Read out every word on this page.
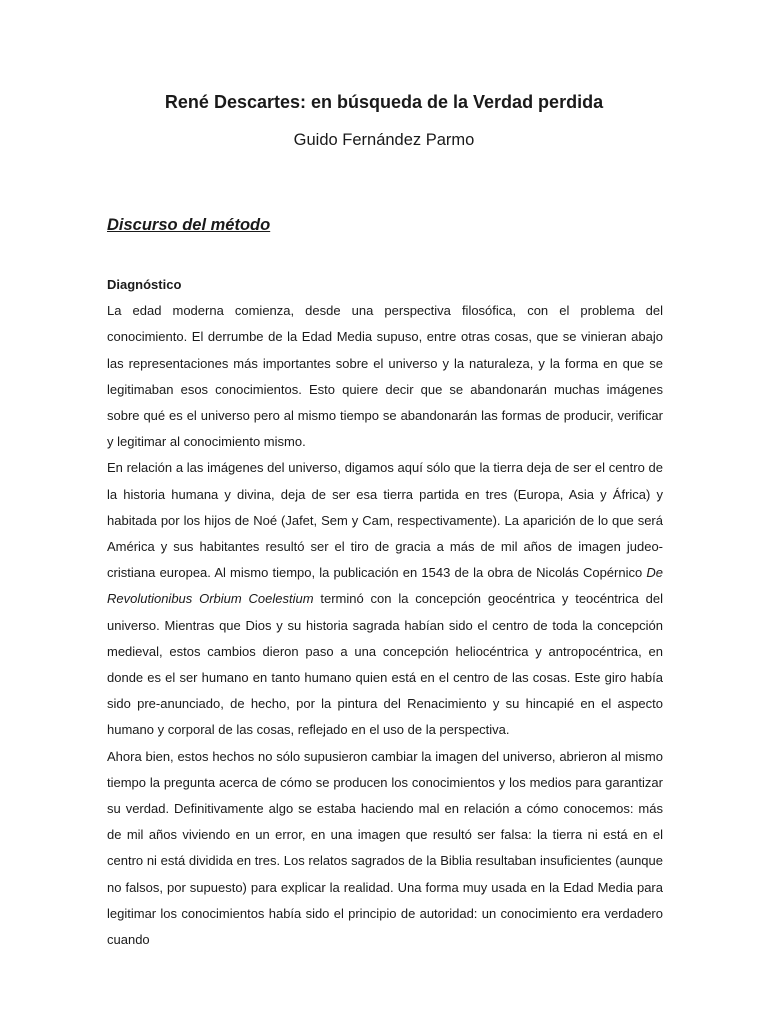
René Descartes: en búsqueda de la Verdad perdida

Guido Fernández Parmo

Discurso del método

Diagnóstico

La edad moderna comienza, desde una perspectiva filosófica, con el problema del conocimiento. El derrumbe de la Edad Media supuso, entre otras cosas, que se vinieran abajo las representaciones más importantes sobre el universo y la naturaleza, y la forma en que se legitimaban esos conocimientos. Esto quiere decir que se abandonarán muchas imágenes sobre qué es el universo pero al mismo tiempo se abandonarán las formas de producir, verificar y legitimar al conocimiento mismo.

En relación a las imágenes del universo, digamos aquí sólo que la tierra deja de ser el centro de la historia humana y divina, deja de ser esa tierra partida en tres (Europa, Asia y África) y habitada por los hijos de Noé (Jafet, Sem y Cam, respectivamente). La aparición de lo que será América y sus habitantes resultó ser el tiro de gracia a más de mil años de imagen judeo-cristiana europea. Al mismo tiempo, la publicación en 1543 de la obra de Nicolás Copérnico De Revolutionibus Orbium Coelestium terminó con la concepción geocéntrica y teocéntrica del universo. Mientras que Dios y su historia sagrada habían sido el centro de toda la concepción medieval, estos cambios dieron paso a una concepción heliocéntrica y antropocéntrica, en donde es el ser humano en tanto humano quien está en el centro de las cosas. Este giro había sido pre-anunciado, de hecho, por la pintura del Renacimiento y su hincapié en el aspecto humano y corporal de las cosas, reflejado en el uso de la perspectiva.

Ahora bien, estos hechos no sólo supusieron cambiar la imagen del universo, abrieron al mismo tiempo la pregunta acerca de cómo se producen los conocimientos y los medios para garantizar su verdad. Definitivamente algo se estaba haciendo mal en relación a cómo conocemos: más de mil años viviendo en un error, en una imagen que resultó ser falsa: la tierra ni está en el centro ni está dividida en tres. Los relatos sagrados de la Biblia resultaban insuficientes (aunque no falsos, por supuesto) para explicar la realidad. Una forma muy usada en la Edad Media para legitimar los conocimientos había sido el principio de autoridad: un conocimiento era verdadero cuando
